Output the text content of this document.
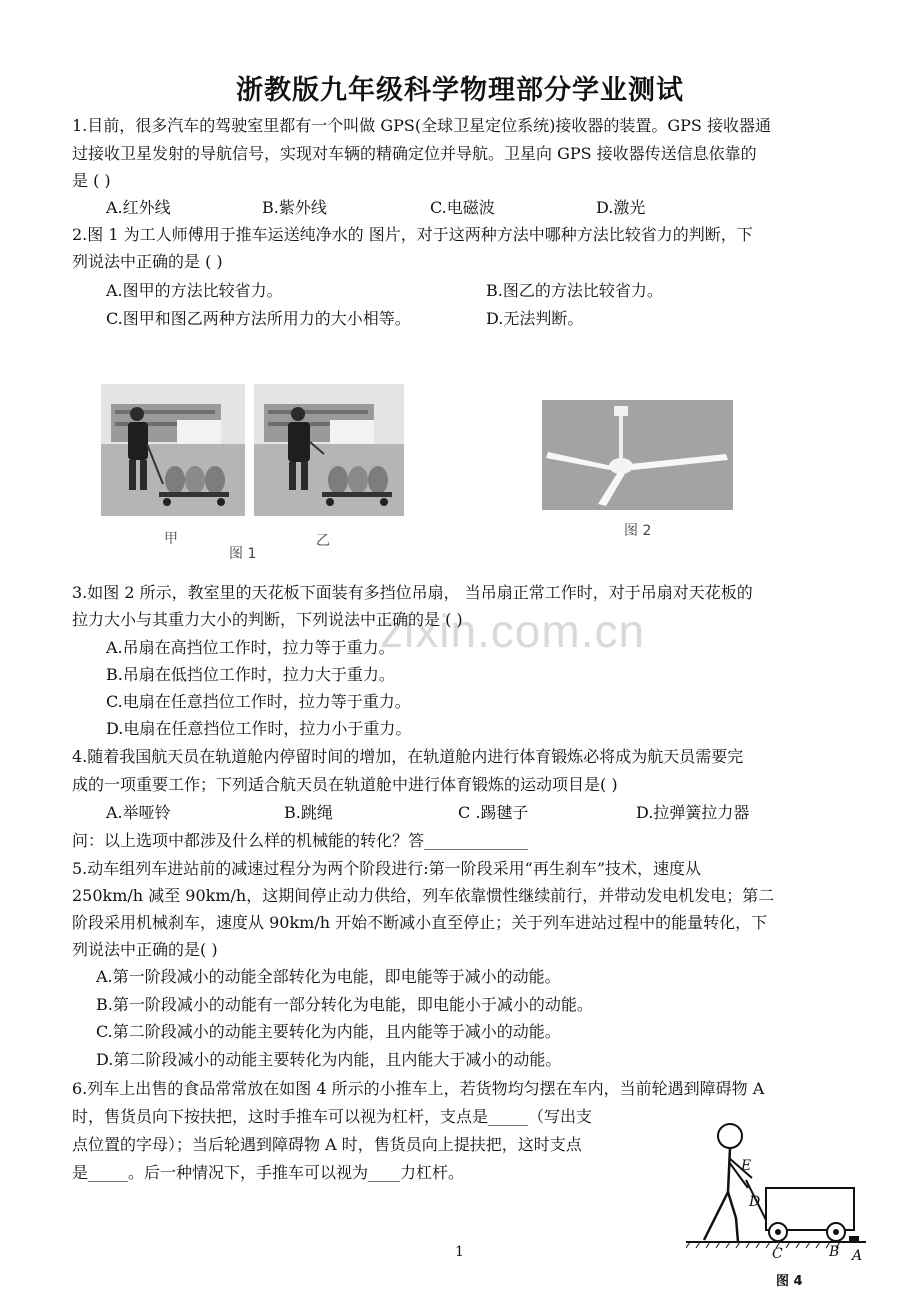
浙教版九年级科学物理部分学业测试
zixin.com.cn
1.目前，很多汽车的驾驶室里都有一个叫做 GPS(全球卫星定位系统)接收器的装置。GPS 接收器通
过接收卫星发射的导航信号，实现对车辆的精确定位并导航。卫星向 GPS 接收器传送信息依靠的
是 ( )
A.红外线	B.紫外线	C.电磁波	D.激光
2.图 1 为工人师傅用于推车运送纯净水的 图片，对于这两种方法中哪种方法比较省力的判断，下
列说法中正确的是 ( )
A.图甲的方法比较省力。	B.图乙的方法比较省力。
C.图甲和图乙两种方法所用力的大小相等。	D.无法判断。
甲	乙
图 1
图 2
3.如图 2 所示，教室里的天花板下面装有多挡位吊扇， 当吊扇正常工作时，对于吊扇对天花板的
拉力大小与其重力大小的判断，下列说法中正确的是 ( )
A.吊扇在高挡位工作时，拉力等于重力。
B.吊扇在低挡位工作时，拉力大于重力。
C.电扇在任意挡位工作时，拉力等于重力。
D.电扇在任意挡位工作时，拉力小于重力。
4.随着我国航天员在轨道舱内停留时间的增加，在轨道舱内进行体育锻炼必将成为航天员需要完
成的一项重要工作；下列适合航天员在轨道舱中进行体育锻炼的运动项目是( )
A.举哑铃	B.跳绳	C .踢毽子	D.拉弹簧拉力器
问：以上选项中都涉及什么样的机械能的转化？答_____________
5.动车组列车进站前的减速过程分为两个阶段进行:第一阶段采用“再生刹车”技术，速度从
250km/h 减至 90km/h，这期间停止动力供给，列车依靠惯性继续前行，并带动发电机发电；第二
阶段采用机械刹车，速度从 90km/h 开始不断减小直至停止；关于列车进站过程中的能量转化，下
列说法中正确的是( )
A.第一阶段减小的动能全部转化为电能，即电能等于减小的动能。
B.第一阶段减小的动能有一部分转化为电能，即电能小于减小的动能。
C.第二阶段减小的动能主要转化为内能，且内能等于减小的动能。
D.第二阶段减小的动能主要转化为内能，且内能大于减小的动能。
6.列车上出售的食品常常放在如图 4 所示的小推车上，若货物均匀摆在车内，当前轮遇到障碍物 A
时，售货员向下按扶把，这时手推车可以视为杠杆，支点是_____（写出支
点位置的字母）；当后轮遇到障碍物 A 时，售货员向上提扶把，这时支点
是_____。后一种情况下，手推车可以视为____力杠杆。	E
D
C	B A
图 4
1
